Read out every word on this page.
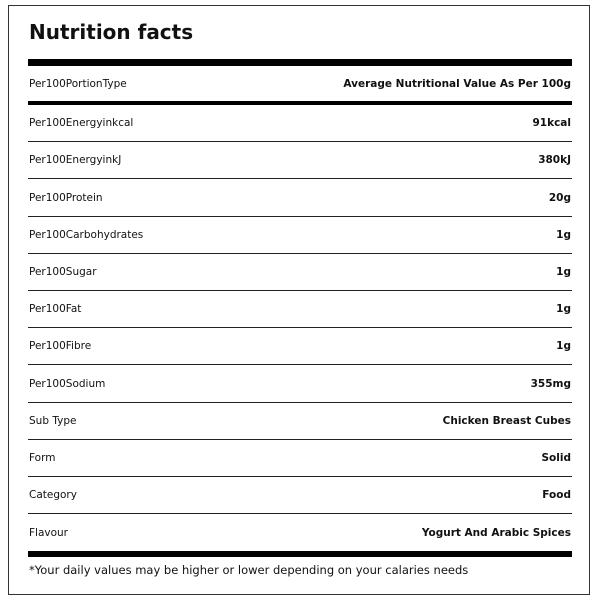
Nutrition facts
Per100PortionType	Average Nutritional Value As Per 100g
Per100Energyinkcal	91kcal
Per100EnergyinkJ	380kJ
Per100Protein	20g
Per100Carbohydrates	1g
Per100Sugar	1g
Per100Fat	1g
Per100Fibre	1g
Per100Sodium	355mg
Sub Type	Chicken Breast Cubes
Form	Solid
Category	Food
Flavour	Yogurt And Arabic Spices
*Your daily values may be higher or lower depending on your calaries needs
